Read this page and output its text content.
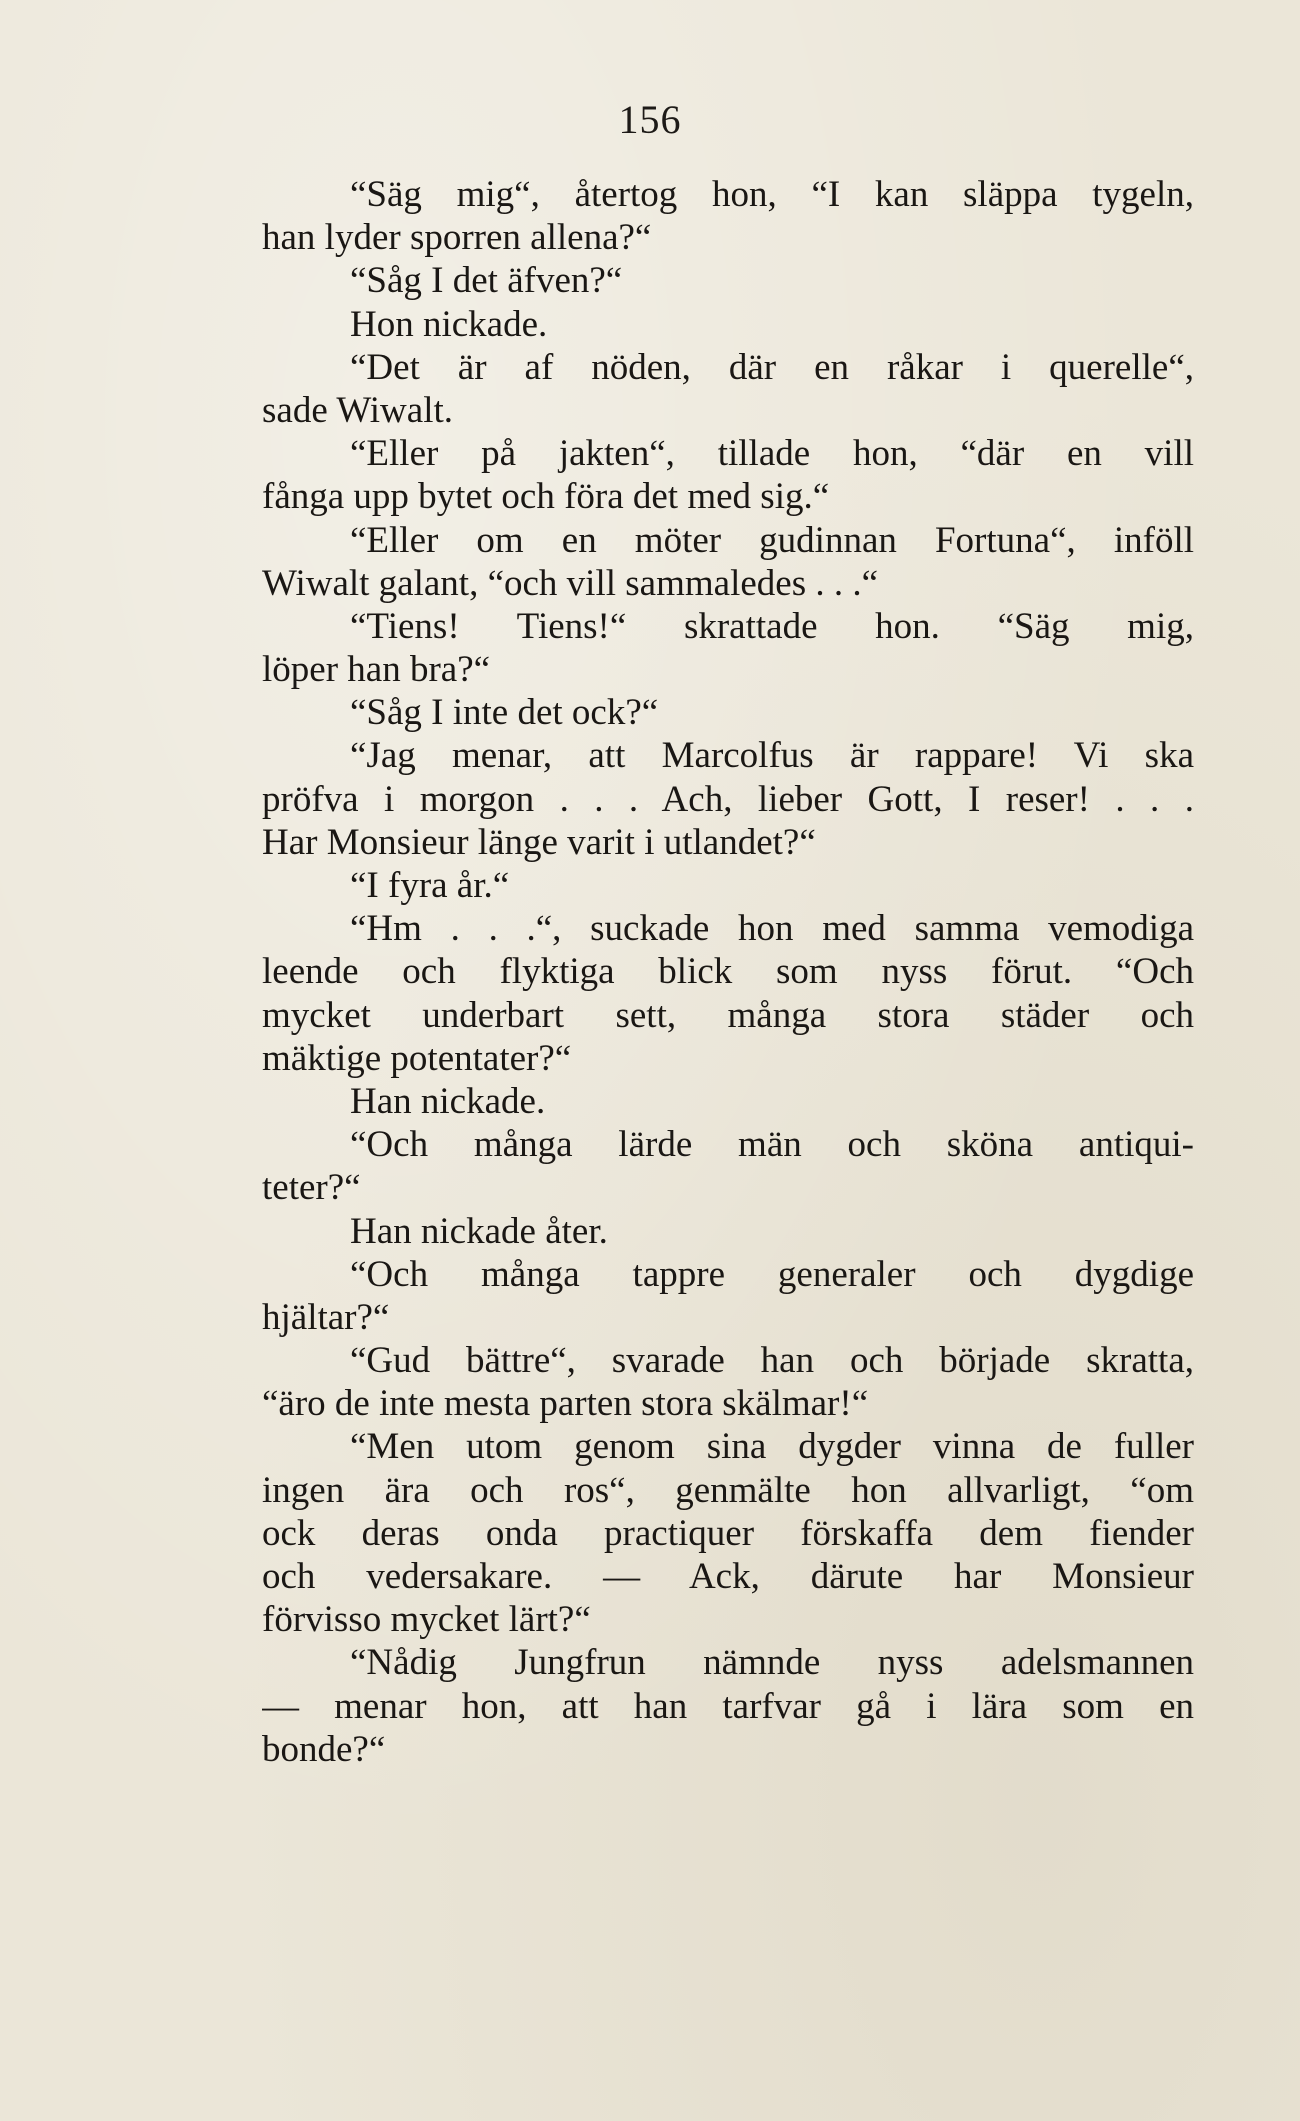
156
“Säg mig“, återtog hon, “I kan släppa tygeln,
han lyder sporren allena?“
“Såg I det äfven?“
Hon nickade.
“Det är af nöden, där en råkar i querelle“,
sade Wiwalt.
“Eller på jakten“, tillade hon, “där en vill
fånga upp bytet och föra det med sig.“
“Eller om en möter gudinnan Fortuna“, inföll
Wiwalt galant, “och vill sammaledes . . .“
“Tiens! Tiens!“ skrattade hon. “Säg mig,
löper han bra?“
“Såg I inte det ock?“
“Jag menar, att Marcolfus är rappare! Vi ska
pröfva i morgon . . . Ach, lieber Gott, I reser! . . .
Har Monsieur länge varit i utlandet?“
“I fyra år.“
“Hm . . .“, suckade hon med samma vemodiga
leende och flyktiga blick som nyss förut. “Och
mycket underbart sett, många stora städer och
mäktige potentater?“
Han nickade.
“Och många lärde män och sköna antiqui-
teter?“
Han nickade åter.
“Och många tappre generaler och dygdige
hjältar?“
“Gud bättre“, svarade han och började skratta,
“äro de inte mesta parten stora skälmar!“
“Men utom genom sina dygder vinna de fuller
ingen ära och ros“, genmälte hon allvarligt, “om
ock deras onda practiquer förskaffa dem fiender
och vedersakare. — Ack, därute har Monsieur
förvisso mycket lärt?“
“Nådig Jungfrun nämnde nyss adelsmannen
— menar hon, att han tarfvar gå i lära som en
bonde?“
